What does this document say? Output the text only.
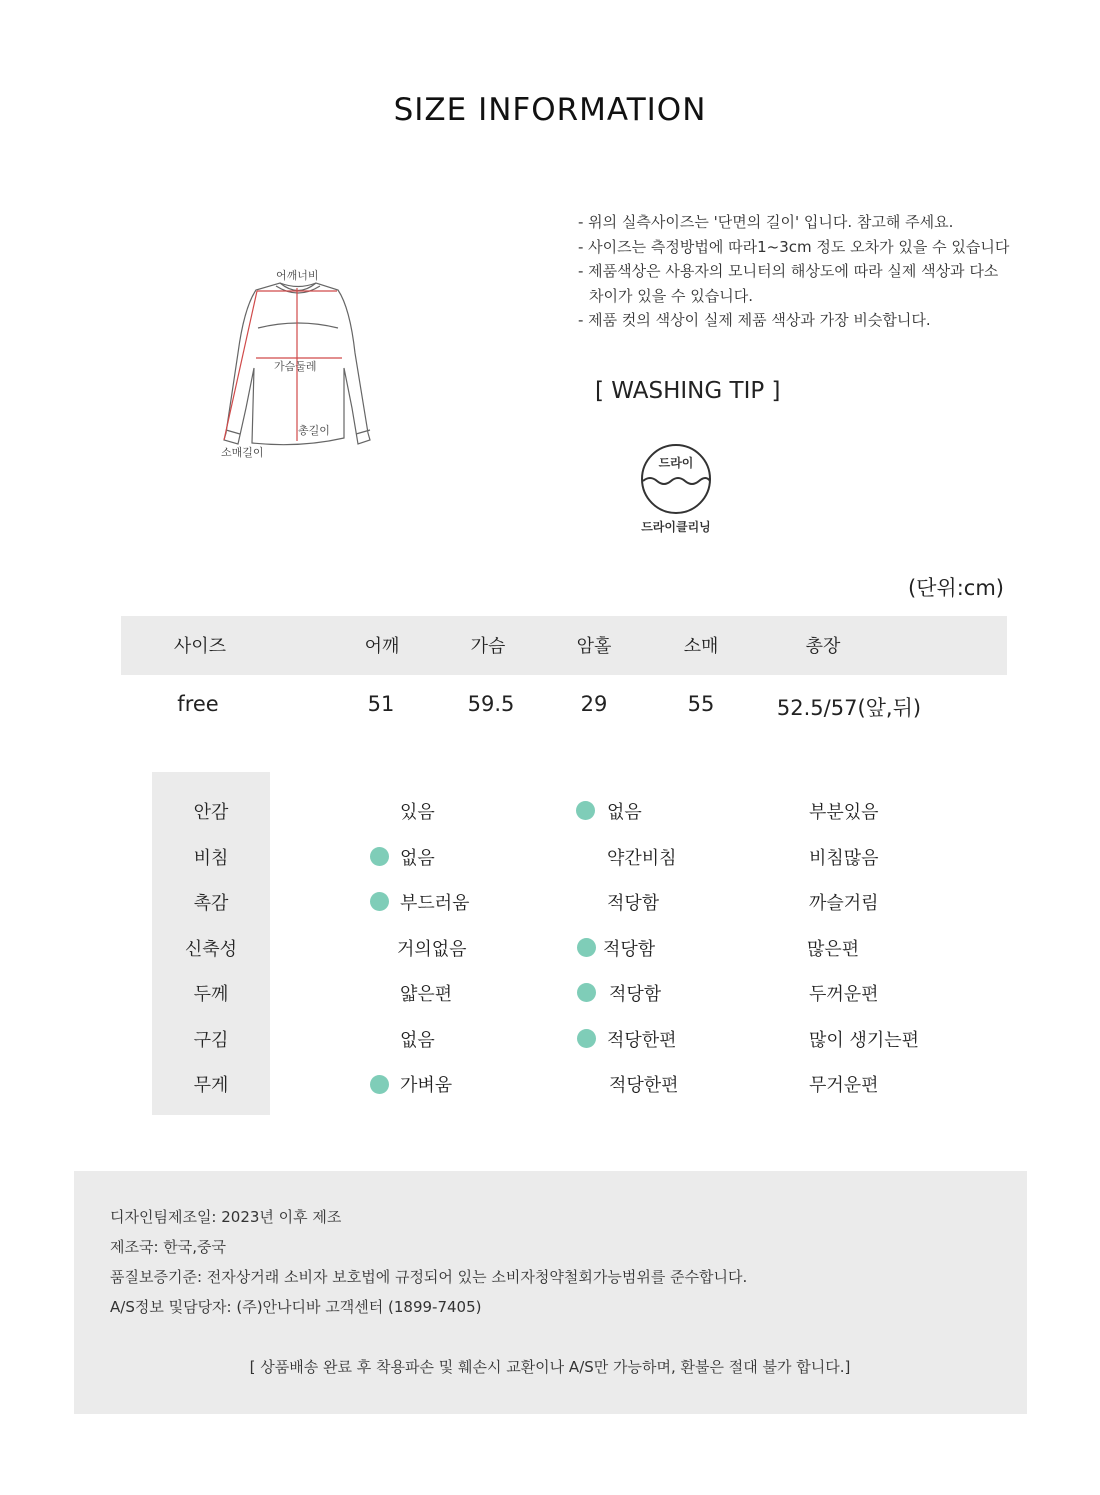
SIZE INFORMATION
어깨너비
가슴둘레
총길이
소매길이
- 위의 실측사이즈는 '단면의 길이' 입니다. 참고해 주세요.
- 사이즈는 측정방법에 따라1~3cm 정도 오차가 있을 수 있습니다
- 제품색상은 사용자의 모니터의 해상도에 따라 실제 색상과 다소
차이가 있을 수 있습니다.
- 제품 컷의 색상이 실제 제품 색상과 가장 비슷합니다.
[ WASHING TIP ]
드라이
드라이클리닝
(단위:cm)
사이즈	어깨	가슴	암홀	소매	총장
free	51	59.5	29	55	52.5/57(앞,뒤)
안감	있음	없음	부분있음
비침	없음	약간비침	비침많음
촉감	부드러움	적당함	까슬거림
신축성	거의없음	적당함	많은편
두께	얇은편	적당함	두꺼운편
구김	없음	적당한편	많이 생기는편
무게	가벼움	적당한편	무거운편
디자인팀제조일: 2023년 이후 제조
제조국: 한국,중국
품질보증기준: 전자상거래 소비자 보호법에 규정되어 있는 소비자청약철회가능범위를 준수합니다.
A/S정보 및담당자: (주)안나디바 고객센터 (1899-7405)
[ 상품배송 완료 후 착용파손 및 훼손시 교환이나 A/S만 가능하며, 환불은 절대 불가 합니다.]
